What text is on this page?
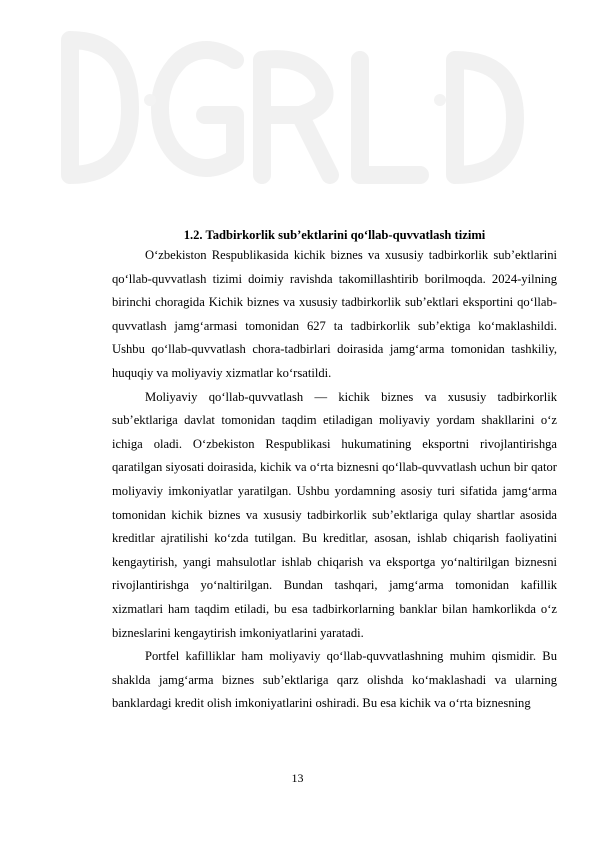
1.2. Tadbirkorlik sub’ektlarini qo‘llab-quvvatlash tizimi

O‘zbekiston Respublikasida kichik biznes va xususiy tadbirkorlik sub’ektlarini qo‘llab-quvvatlash tizimi doimiy ravishda takomillashtirib borilmoqda. 2024-yilning birinchi choragida Kichik biznes va xususiy tadbirkorlik sub’ektlari eksportini qo‘llab-quvvatlash jamg‘armasi tomonidan 627 ta tadbirkorlik sub’ektiga ko‘maklashildi. Ushbu qo‘llab-quvvatlash chora-tadbirlari doirasida jamg‘arma tomonidan tashkiliy, huquqiy va moliyaviy xizmatlar ko‘rsatildi.

Moliyaviy qo‘llab-quvvatlash — kichik biznes va xususiy tadbirkorlik sub’ektlariga davlat tomonidan taqdim etiladigan moliyaviy yordam shakllarini o‘z ichiga oladi. O‘zbekiston Respublikasi hukumatining eksportni rivojlantirishga qaratilgan siyosati doirasida, kichik va o‘rta biznesni qo‘llab-quvvatlash uchun bir qator moliyaviy imkoniyatlar yaratilgan. Ushbu yordamning asosiy turi sifatida jamg‘arma tomonidan kichik biznes va xususiy tadbirkorlik sub’ektlariga qulay shartlar asosida kreditlar ajratilishi ko‘zda tutilgan. Bu kreditlar, asosan, ishlab chiqarish faoliyatini kengaytirish, yangi mahsulotlar ishlab chiqarish va eksportga yo‘naltirilgan biznesni rivojlantirishga yo‘naltirilgan. Bundan tashqari, jamg‘arma tomonidan kafillik xizmatlari ham taqdim etiladi, bu esa tadbirkorlarning banklar bilan hamkorlikda o‘z bizneslarini kengaytirish imkoniyatlarini yaratadi.

Portfel kafilliklar ham moliyaviy qo‘llab-quvvatlashning muhim qismidir. Bu shaklda jamg‘arma biznes sub’ektlariga qarz olishda ko‘maklashadi va ularning banklardagi kredit olish imkoniyatlarini oshiradi. Bu esa kichik va o‘rta biznesning

13
